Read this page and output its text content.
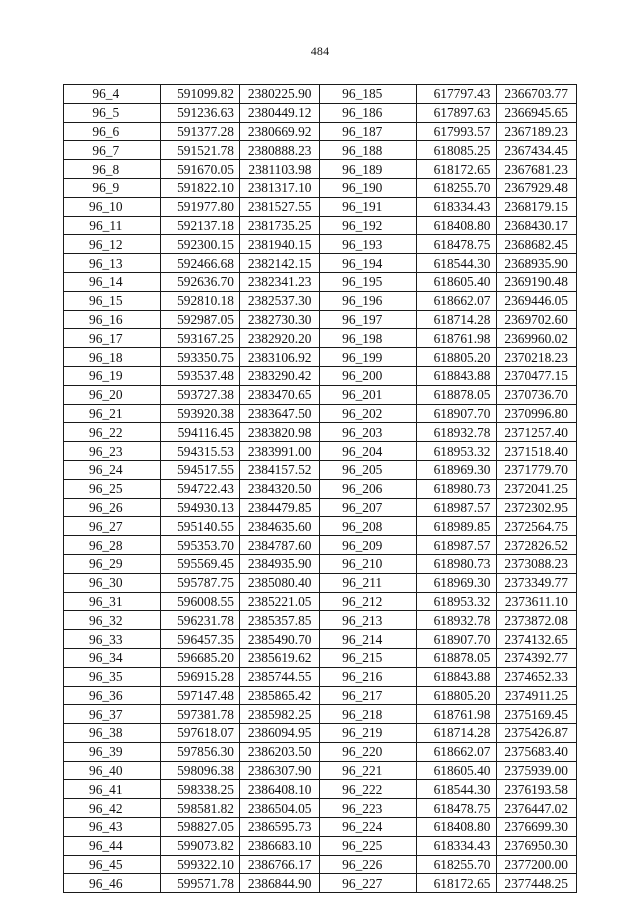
484
96_4	591099.82	2380225.90	96_185	617797.43	2366703.77
96_5	591236.63	2380449.12	96_186	617897.63	2366945.65
96_6	591377.28	2380669.92	96_187	617993.57	2367189.23
96_7	591521.78	2380888.23	96_188	618085.25	2367434.45
96_8	591670.05	2381103.98	96_189	618172.65	2367681.23
96_9	591822.10	2381317.10	96_190	618255.70	2367929.48
96_10	591977.80	2381527.55	96_191	618334.43	2368179.15
96_11	592137.18	2381735.25	96_192	618408.80	2368430.17
96_12	592300.15	2381940.15	96_193	618478.75	2368682.45
96_13	592466.68	2382142.15	96_194	618544.30	2368935.90
96_14	592636.70	2382341.23	96_195	618605.40	2369190.48
96_15	592810.18	2382537.30	96_196	618662.07	2369446.05
96_16	592987.05	2382730.30	96_197	618714.28	2369702.60
96_17	593167.25	2382920.20	96_198	618761.98	2369960.02
96_18	593350.75	2383106.92	96_199	618805.20	2370218.23
96_19	593537.48	2383290.42	96_200	618843.88	2370477.15
96_20	593727.38	2383470.65	96_201	618878.05	2370736.70
96_21	593920.38	2383647.50	96_202	618907.70	2370996.80
96_22	594116.45	2383820.98	96_203	618932.78	2371257.40
96_23	594315.53	2383991.00	96_204	618953.32	2371518.40
96_24	594517.55	2384157.52	96_205	618969.30	2371779.70
96_25	594722.43	2384320.50	96_206	618980.73	2372041.25
96_26	594930.13	2384479.85	96_207	618987.57	2372302.95
96_27	595140.55	2384635.60	96_208	618989.85	2372564.75
96_28	595353.70	2384787.60	96_209	618987.57	2372826.52
96_29	595569.45	2384935.90	96_210	618980.73	2373088.23
96_30	595787.75	2385080.40	96_211	618969.30	2373349.77
96_31	596008.55	2385221.05	96_212	618953.32	2373611.10
96_32	596231.78	2385357.85	96_213	618932.78	2373872.08
96_33	596457.35	2385490.70	96_214	618907.70	2374132.65
96_34	596685.20	2385619.62	96_215	618878.05	2374392.77
96_35	596915.28	2385744.55	96_216	618843.88	2374652.33
96_36	597147.48	2385865.42	96_217	618805.20	2374911.25
96_37	597381.78	2385982.25	96_218	618761.98	2375169.45
96_38	597618.07	2386094.95	96_219	618714.28	2375426.87
96_39	597856.30	2386203.50	96_220	618662.07	2375683.40
96_40	598096.38	2386307.90	96_221	618605.40	2375939.00
96_41	598338.25	2386408.10	96_222	618544.30	2376193.58
96_42	598581.82	2386504.05	96_223	618478.75	2376447.02
96_43	598827.05	2386595.73	96_224	618408.80	2376699.30
96_44	599073.82	2386683.10	96_225	618334.43	2376950.30
96_45	599322.10	2386766.17	96_226	618255.70	2377200.00
96_46	599571.78	2386844.90	96_227	618172.65	2377448.25
